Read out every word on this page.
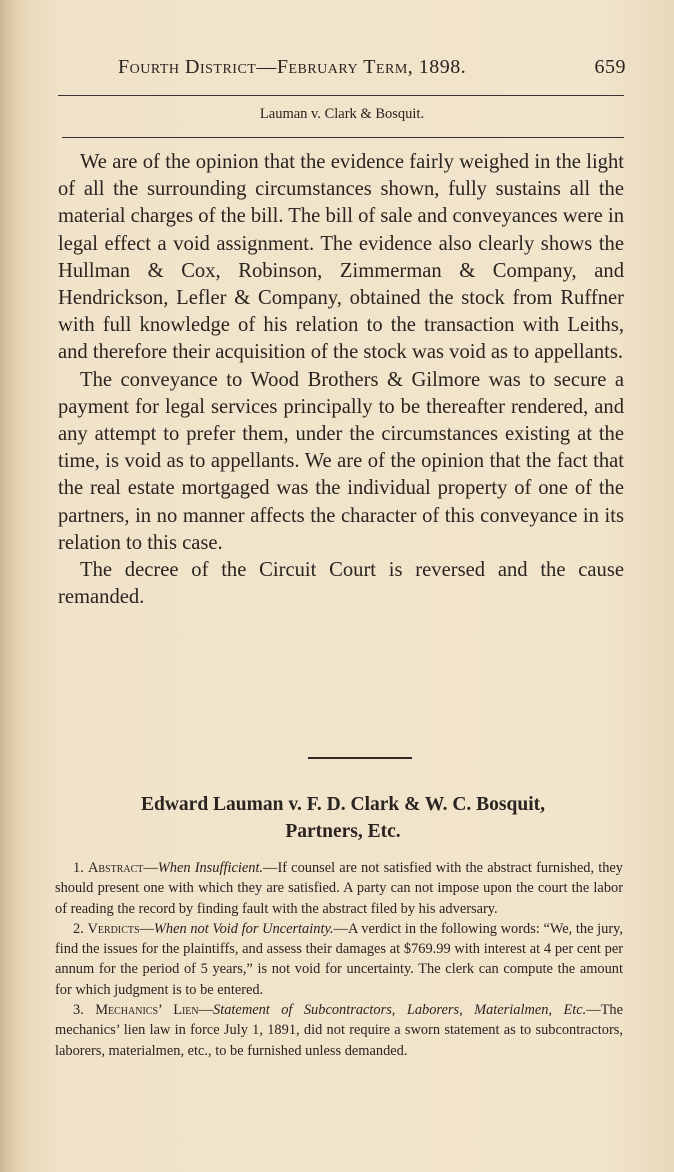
Fourth District—February Term, 1898.	659
Lauman v. Clark & Bosquit.

We are of the opinion that the evidence fairly weighed in the light of all the surrounding circumstances shown, fully sustains all the material charges of the bill. The bill of sale and conveyances were in legal effect a void assignment. The evidence also clearly shows the Hullman & Cox, Robinson, Zimmerman & Company, and Hendrickson, Lefler & Company, obtained the stock from Ruffner with full knowledge of his relation to the transaction with Leiths, and therefore their acquisition of the stock was void as to appellants.

The conveyance to Wood Brothers & Gilmore was to secure a payment for legal services principally to be thereafter rendered, and any attempt to prefer them, under the circumstances existing at the time, is void as to appellants. We are of the opinion that the fact that the real estate mortgaged was the individual property of one of the partners, in no manner affects the character of this conveyance in its relation to this case.

The decree of the Circuit Court is reversed and the cause remanded.

Edward Lauman v. F. D. Clark & W. C. Bosquit,
Partners, Etc.

1. Abstract—When Insufficient.—If counsel are not satisfied with the abstract furnished, they should present one with which they are satisfied. A party can not impose upon the court the labor of reading the record by finding fault with the abstract filed by his adversary.

2. Verdicts—When not Void for Uncertainty.—A verdict in the following words: “We, the jury, find the issues for the plaintiffs, and assess their damages at $769.99 with interest at 4 per cent per annum for the period of 5 years,” is not void for uncertainty. The clerk can compute the amount for which judgment is to be entered.

3. Mechanics’ Lien—Statement of Subcontractors, Laborers, Materialmen, Etc.—The mechanics’ lien law in force July 1, 1891, did not require a sworn statement as to subcontractors, laborers, materialmen, etc., to be furnished unless demanded.
